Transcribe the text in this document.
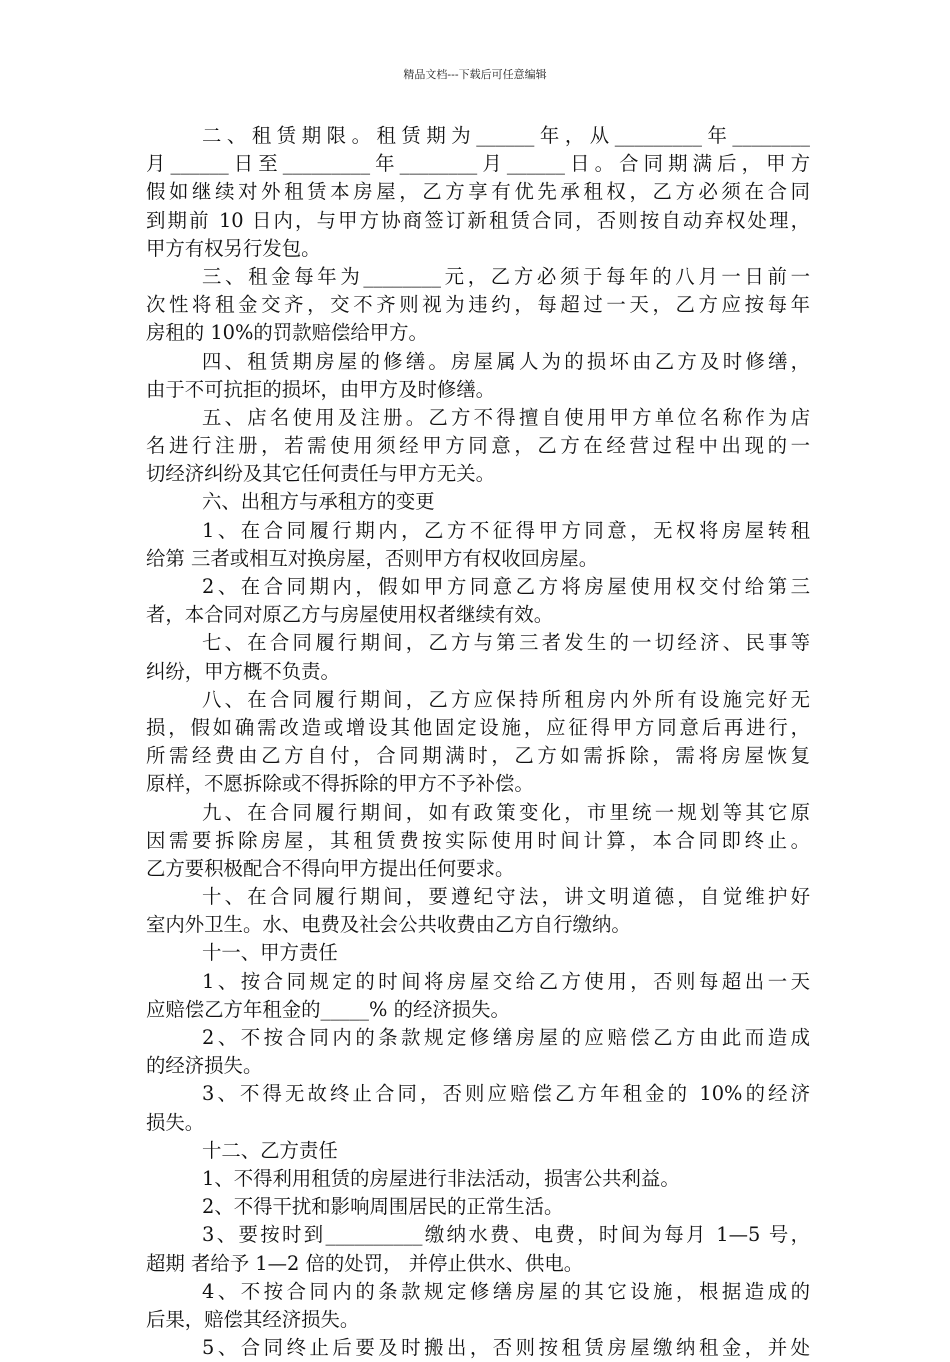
精品文档---下载后可任意编辑
二、租赁期限。租赁期为______年，从_________年________
月______日至_________年________月______日。合同期满后，甲方
假如继续对外租赁本房屋，乙方享有优先承租权，乙方必须在合同
到期前 10 日内，与甲方协商签订新租赁合同，否则按自动弃权处理，
甲方有权另行发包。
三、租金每年为________元，乙方必须于每年的八月一日前一
次性将租金交齐，交不齐则视为违约，每超过一天，乙方应按每年
房租的 10%的罚款赔偿给甲方。
四、租赁期房屋的修缮。房屋属人为的损坏由乙方及时修缮，
由于不可抗拒的损坏，由甲方及时修缮。
五、店名使用及注册。乙方不得擅自使用甲方单位名称作为店
名进行注册，若需使用须经甲方同意，乙方在经营过程中出现的一
切经济纠纷及其它任何责任与甲方无关。
六、出租方与承租方的变更
1、在合同履行期内，乙方不征得甲方同意，无权将房屋转租
给第 三者或相互对换房屋，否则甲方有权收回房屋。
2、在合同期内，假如甲方同意乙方将房屋使用权交付给第三
者，本合同对原乙方与房屋使用权者继续有效。
七、在合同履行期间，乙方与第三者发生的一切经济、民事等
纠纷，甲方概不负责。
八、在合同履行期间，乙方应保持所租房内外所有设施完好无
损，假如确需改造或增设其他固定设施，应征得甲方同意后再进行，
所需经费由乙方自付，合同期满时，乙方如需拆除，需将房屋恢复
原样，不愿拆除或不得拆除的甲方不予补偿。
九、在合同履行期间，如有政策变化，市里统一规划等其它原
因需要拆除房屋，其租赁费按实际使用时间计算，本合同即终止。
乙方要积极配合不得向甲方提出任何要求。
十、在合同履行期间，要遵纪守法，讲文明道德，自觉维护好
室内外卫生。水、电费及社会公共收费由乙方自行缴纳。
十一、甲方责任
1、按合同规定的时间将房屋交给乙方使用，否则每超出一天
应赔偿乙方年租金的_____% 的经济损失。
2、不按合同内的条款规定修缮房屋的应赔偿乙方由此而造成
的经济损失。
3、不得无故终止合同，否则应赔偿乙方年租金的 10%的经济
损失。
十二、乙方责任
1、不得利用租赁的房屋进行非法活动，损害公共利益。
2、不得干扰和影响周围居民的正常生活。
3、要按时到__________缴纳水费、电费，时间为每月 1—5 号，
超期 者给予 1—2 倍的处罚， 并停止供水、供电。
4、不按合同内的条款规定修缮房屋的其它设施，根据造成的
后果，赔偿其经济损失。
5、合同终止后要及时搬出，否则按租赁房屋缴纳租金，并处
